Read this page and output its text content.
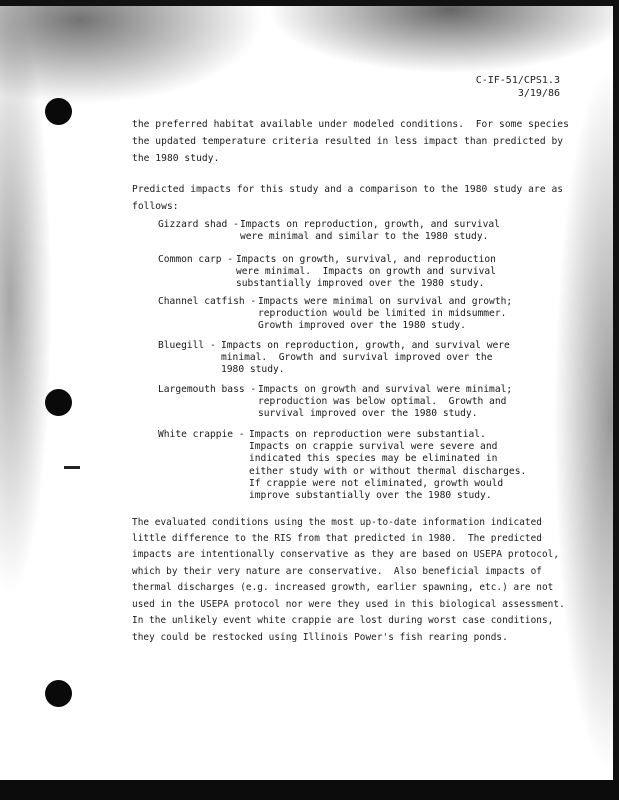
C-IF-51/CPS1.3
3/19/86
the preferred habitat available under modeled conditions.  For some species
the updated temperature criteria resulted in less impact than predicted by
the 1980 study.
Predicted impacts for this study and a comparison to the 1980 study are as
follows:
Gizzard shad - Impacts on reproduction, growth, and survival
were minimal and similar to the 1980 study.
Common carp - Impacts on growth, survival, and reproduction
were minimal.  Impacts on growth and survival
substantially improved over the 1980 study.
Channel catfish - Impacts were minimal on survival and growth;
reproduction would be limited in midsummer.
Growth improved over the 1980 study.
Bluegill - Impacts on reproduction, growth, and survival were
minimal.  Growth and survival improved over the
1980 study.
Largemouth bass - Impacts on growth and survival were minimal;
reproduction was below optimal.  Growth and
survival improved over the 1980 study.
White crappie - Impacts on reproduction were substantial.
Impacts on crappie survival were severe and
indicated this species may be eliminated in
either study with or without thermal discharges.
If crappie were not eliminated, growth would
improve substantially over the 1980 study.
The evaluated conditions using the most up-to-date information indicated
little difference to the RIS from that predicted in 1980.  The predicted
impacts are intentionally conservative as they are based on USEPA protocol,
which by their very nature are conservative.  Also beneficial impacts of
thermal discharges (e.g. increased growth, earlier spawning, etc.) are not
used in the USEPA protocol nor were they used in this biological assessment.
In the unlikely event white crappie are lost during worst case conditions,
they could be restocked using Illinois Power's fish rearing ponds.
